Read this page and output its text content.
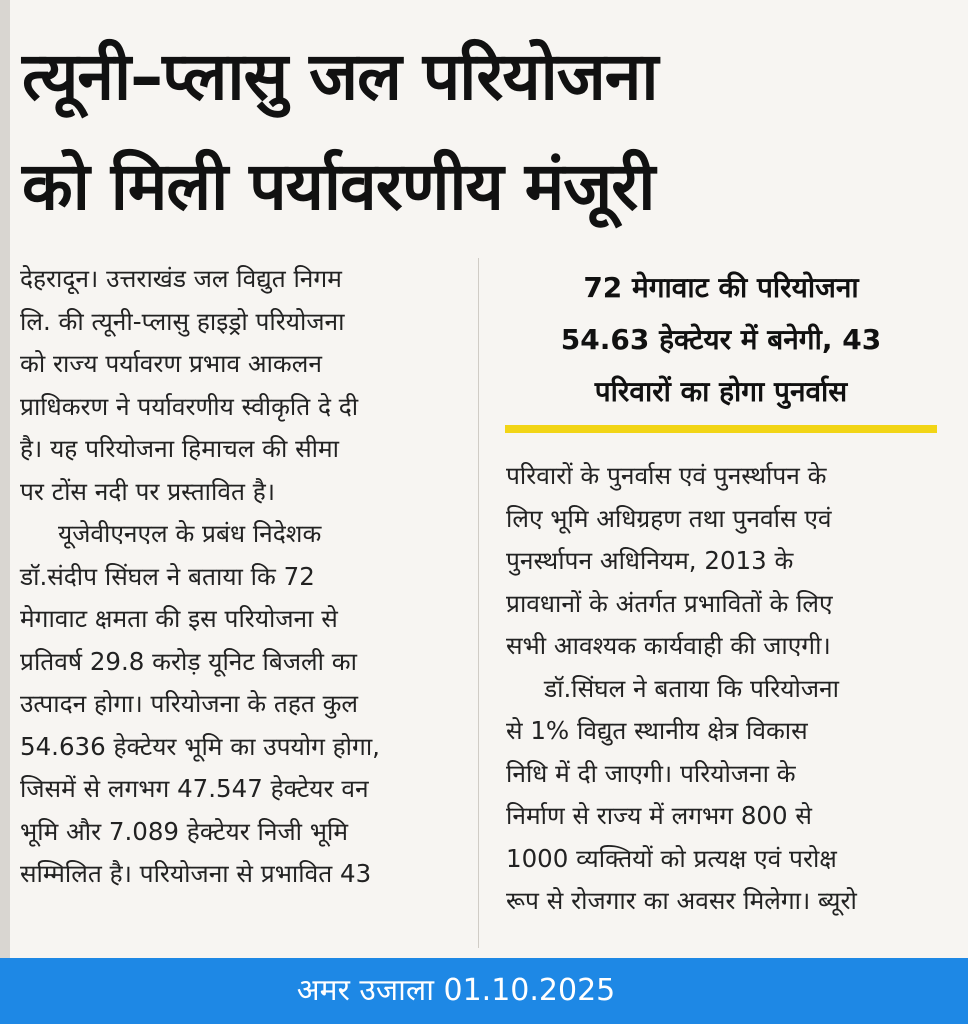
त्यूनी–प्लासु जल परियोजना
को मिली पर्यावरणीय मंजूरी

देहरादून। उत्तराखंड जल विद्युत निगम

लि. की त्यूनी-प्लासु हाइड्रो परियोजना

को राज्य पर्यावरण प्रभाव आकलन

प्राधिकरण ने पर्यावरणीय स्वीकृति दे दी

है। यह परियोजना हिमाचल की सीमा

पर टोंस नदी पर प्रस्तावित है।

यूजेवीएनएल के प्रबंध निदेशक

डॉ.संदीप सिंघल ने बताया कि 72

मेगावाट क्षमता की इस परियोजना से

प्रतिवर्ष 29.8 करोड़ यूनिट बिजली का

उत्पादन होगा। परियोजना के तहत कुल

54.636 हेक्टेयर भूमि का उपयोग होगा,

जिसमें से लगभग 47.547 हेक्टेयर वन

भूमि और 7.089 हेक्टेयर निजी भूमि

सम्मिलित है। परियोजना से प्रभावित 43

72 मेगावाट की परियोजना
54.63 हेक्टेयर में बनेगी, 43
परिवारों का होगा पुनर्वास

परिवारों के पुनर्वास एवं पुनर्स्थापन के

लिए भूमि अधिग्रहण तथा पुनर्वास एवं

पुनर्स्थापन अधिनियम, 2013 के

प्रावधानों के अंतर्गत प्रभावितों के लिए

सभी आवश्यक कार्यवाही की जाएगी।

डॉ.सिंघल ने बताया कि परियोजना

से 1% विद्युत स्थानीय क्षेत्र विकास

निधि में दी जाएगी। परियोजना के

निर्माण से राज्य में लगभग 800 से

1000 व्यक्तियों को प्रत्यक्ष एवं परोक्ष

रूप से रोजगार का अवसर मिलेगा। ब्यूरो

अमर उजाला 01.10.2025
